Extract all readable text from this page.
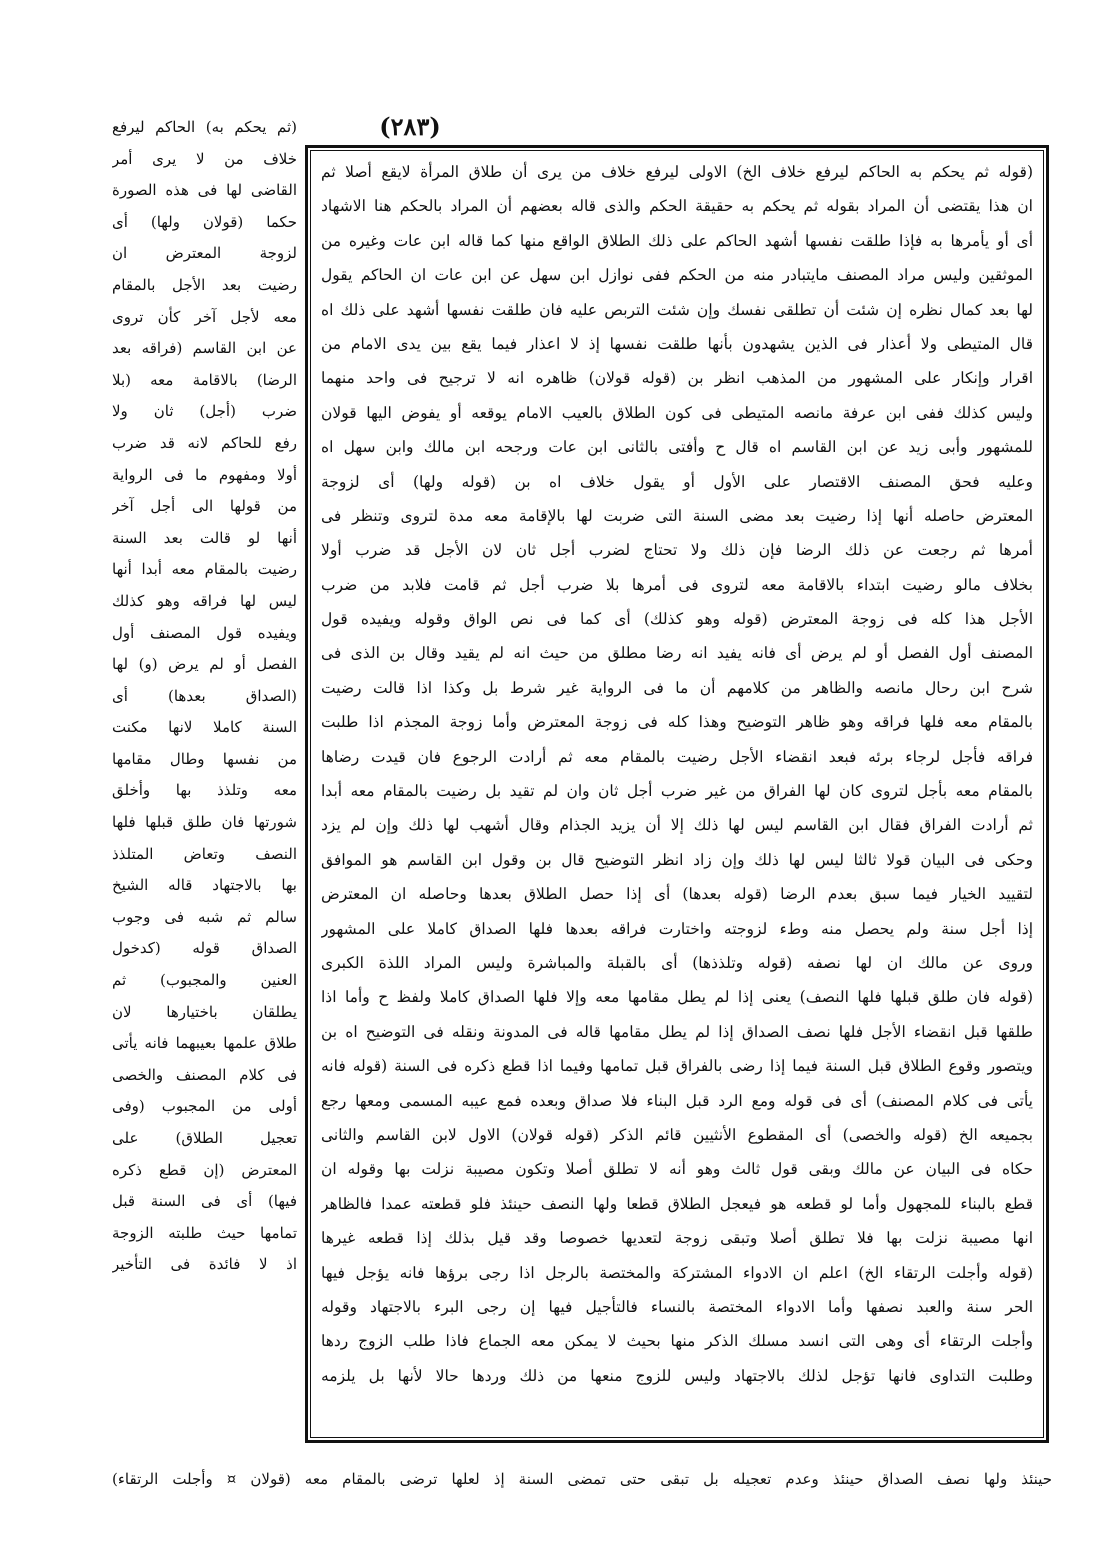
(٢٨٣)
(ثم يحكم به) الحاكم ليرفع
خلاف من لا يرى أمر
القاضى لها فى هذه الصورة
حكما (قولان ولها) أى
لزوجة المعترض ان
رضيت بعد الأجل بالمقام
معه لأجل آخر كأن تروى
عن ابن القاسم (فراقه بعد
الرضا) بالاقامة معه (بلا
ضرب (أجل) ثان ولا
رفع للحاكم لانه قد ضرب
أولا ومفهوم ما فى الرواية
من قولها الى أجل آخر
أنها لو قالت بعد السنة
رضيت بالمقام معه أبدا أنها
ليس لها فراقه وهو كذلك
ويفيده قول المصنف أول
الفصل أو لم يرض (و) لها
(الصداق بعدها) أى
السنة كاملا لانها مكنت
من نفسها وطال مقامها
معه وتلذذ بها وأخلق
شورتها فان طلق قبلها فلها
النصف وتعاض المتلذذ
بها بالاجتهاد قاله الشيخ
سالم ثم شبه فى وجوب
الصداق قوله (كدخول
العنين والمجبوب) ثم
يطلقان باختيارها لان
طلاق علمها بعيبهما فانه يأتى
فى كلام المصنف والخصى
أولى من المجبوب (وفى
تعجيل الطلاق) على
المعترض (إن قطع ذكره
فيها) أى فى السنة قبل
تمامها حيث طلبته الزوجة
اذ لا فائدة فى التأخير
(قوله ثم يحكم به الحاكم ليرفع خلاف الخ) الاولى ليرفع خلاف من يرى أن طلاق المرأة لايقع أصلا ثم
ان هذا يقتضى أن المراد بقوله ثم يحكم به حقيقة الحكم والذى قاله بعضهم أن المراد بالحكم هنا الاشهاد
أى أو يأمرها به فإذا طلقت نفسها أشهد الحاكم على ذلك الطلاق الواقع منها كما قاله ابن عات وغيره من
الموثقين وليس مراد المصنف مايتبادر منه من الحكم ففى نوازل ابن سهل عن ابن عات ان الحاكم يقول
لها بعد كمال نظره إن شئت أن تطلقى نفسك وإن شئت التربص عليه فان طلقت نفسها أشهد على ذلك اه
قال المتيطى ولا أعذار فى الذين يشهدون بأنها طلقت نفسها إذ لا اعذار فيما يقع بين يدى الامام من
اقرار وإنكار على المشهور من المذهب انظر بن (قوله قولان) ظاهره انه لا ترجيح فى واحد منهما
وليس كذلك ففى ابن عرفة مانصه المتيطى فى كون الطلاق بالعيب الامام يوقعه أو يفوض اليها قولان
للمشهور وأبى زيد عن ابن القاسم اه قال ح وأفتى بالثانى ابن عات ورجحه ابن مالك وابن سهل اه
وعليه فحق المصنف الاقتصار على الأول أو يقول خلاف اه بن (قوله ولها) أى لزوجة
المعترض حاصله أنها إذا رضيت بعد مضى السنة التى ضربت لها بالإقامة معه مدة لتروى وتنظر فى
أمرها ثم رجعت عن ذلك الرضا فإن ذلك ولا تحتاج لضرب أجل ثان لان الأجل قد ضرب أولا
بخلاف مالو رضيت ابتداء بالاقامة معه لتروى فى أمرها بلا ضرب أجل ثم قامت فلابد من ضرب
الأجل هذا كله فى زوجة المعترض (قوله وهو كذلك) أى كما فى نص الواق وقوله ويفيده قول
المصنف أول الفصل أو لم يرض أى فانه يفيد انه رضا مطلق من حيث انه لم يقيد وقال بن الذى فى
شرح ابن رحال مانصه والظاهر من كلامهم أن ما فى الرواية غير شرط بل وكذا اذا قالت رضيت
بالمقام معه فلها فراقه وهو ظاهر التوضيح وهذا كله فى زوجة المعترض وأما زوجة المجذم اذا طلبت
فراقه فأجل لرجاء برئه فبعد انقضاء الأجل رضيت بالمقام معه ثم أرادت الرجوع فان قيدت رضاها
بالمقام معه بأجل لتروى كان لها الفراق من غير ضرب أجل ثان وان لم تقيد بل رضيت بالمقام معه أبدا
ثم أرادت الفراق فقال ابن القاسم ليس لها ذلك إلا أن يزيد الجذام وقال أشهب لها ذلك وإن لم يزد
وحكى فى البيان قولا ثالثا ليس لها ذلك وإن زاد انظر التوضيح قال بن وقول ابن القاسم هو الموافق
لتقييد الخيار فيما سبق بعدم الرضا (قوله بعدها) أى إذا حصل الطلاق بعدها وحاصله ان المعترض
إذا أجل سنة ولم يحصل منه وطء لزوجته واختارت فراقه بعدها فلها الصداق كاملا على المشهور
وروى عن مالك ان لها نصفه (قوله وتلذذها) أى بالقبلة والمباشرة وليس المراد اللذة الكبرى
(قوله فان طلق قبلها فلها النصف) يعنى إذا لم يطل مقامها معه وإلا فلها الصداق كاملا ولفظ ح وأما اذا
طلقها قبل انقضاء الأجل فلها نصف الصداق إذا لم يطل مقامها قاله فى المدونة ونقله فى التوضيح اه بن
ويتصور وقوع الطلاق قبل السنة فيما إذا رضى بالفراق قبل تمامها وفيما اذا قطع ذكره فى السنة (قوله فانه
يأتى فى كلام المصنف) أى فى قوله ومع الرد قبل البناء فلا صداق وبعده فمع عيبه المسمى ومعها رجع
بجميعه الخ (قوله والخصى) أى المقطوع الأنثيين قائم الذكر (قوله قولان) الاول لابن القاسم والثانى
حكاه فى البيان عن مالك وبقى قول ثالث وهو أنه لا تطلق أصلا وتكون مصيبة نزلت بها وقوله ان
قطع بالبناء للمجهول وأما لو قطعه هو فيعجل الطلاق قطعا ولها النصف حينئذ فلو قطعته عمدا فالظاهر
انها مصيبة نزلت بها فلا تطلق أصلا وتبقى زوجة لتعديها خصوصا وقد قيل بذلك إذا قطعه غيرها
(قوله وأجلت الرتقاء الخ) اعلم ان الادواء المشتركة والمختصة بالرجل اذا رجى برؤها فانه يؤجل فيها
الحر سنة والعبد نصفها وأما الادواء المختصة بالنساء فالتأجيل فيها إن رجى البرء بالاجتهاد وقوله
وأجلت الرتقاء أى وهى التى انسد مسلك الذكر منها بحيث لا يمكن معه الجماع فاذا طلب الزوج ردها
وطلبت التداوى فانها تؤجل لذلك بالاجتهاد وليس للزوج منعها من ذلك وردها حالا لأنها بل يلزمه
حينئذ ولها نصف الصداق حينئذ وعدم تعجيله بل تبقى حتى تمضى السنة إذ لعلها ترضى بالمقام معه (قولان ¤ وأجلت الرتقاء)
